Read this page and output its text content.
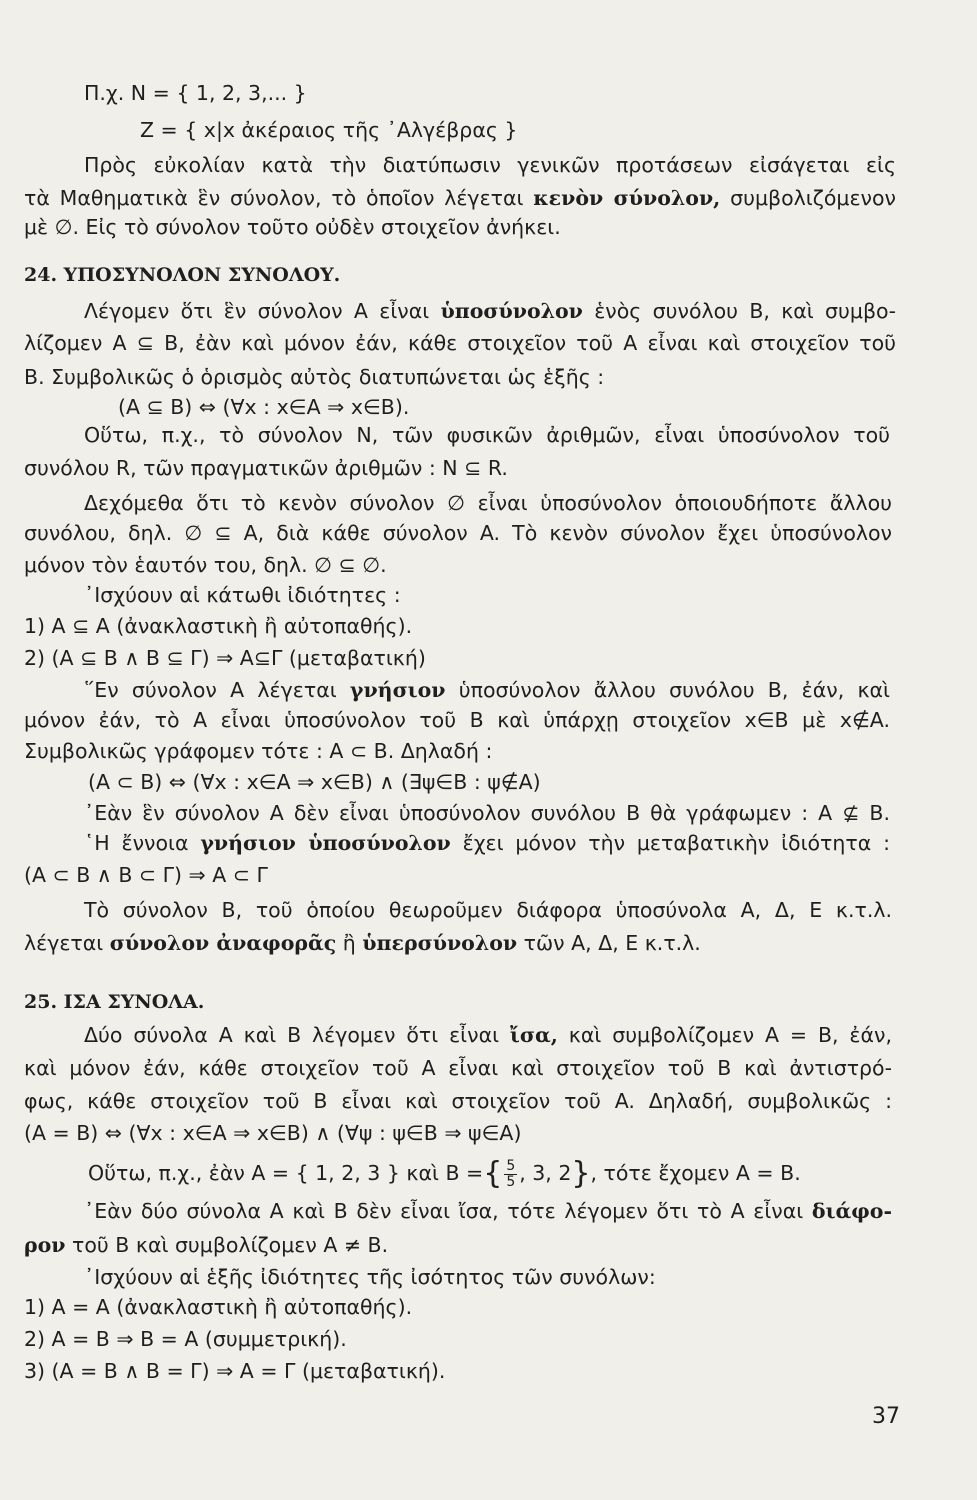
Π.χ. N = { 1, 2, 3,... }
Z = { x|x ἀκέραιος τῆς ᾿Αλγέβρας }
Πρὸς εὐκολίαν κατὰ τὴν διατύπωσιν γενικῶν προτάσεων εἰσάγεται εἰς
τὰ Μαθηματικὰ ἓν σύνολον, τὸ ὁποῖον λέγεται κενὸν σύνολον, συμβολιζόμενον
μὲ ∅. Εἰς τὸ σύνολον τοῦτο οὐδὲν στοιχεῖον ἀνήκει.
24. ΥΠΟΣΥΝΟΛΟΝ ΣΥΝΟΛΟΥ.
Λέγομεν ὅτι ἓν σύνολον A εἶναι ὑποσύνολον ἑνὸς συνόλου B, καὶ συμβο-
λίζομεν A ⊆ B, ἐὰν καὶ μόνον ἐάν, κάθε στοιχεῖον τοῦ A εἶναι καὶ στοιχεῖον τοῦ
B. Συμβολικῶς ὁ ὁρισμὸς αὐτὸς διατυπώνεται ὡς ἑξῆς :
(A ⊆ B) ⇔ (∀x : x∈A ⇒ x∈B).
Οὕτω, π.χ., τὸ σύνολον N, τῶν φυσικῶν ἀριθμῶν, εἶναι ὑποσύνολον τοῦ
συνόλου R, τῶν πραγματικῶν ἀριθμῶν : N ⊆ R.
Δεχόμεθα ὅτι τὸ κενὸν σύνολον ∅ εἶναι ὑποσύνολον ὁποιουδήποτε ἄλλου
συνόλου, δηλ. ∅ ⊆ A, διὰ κάθε σύνολον A. Τὸ κενὸν σύνολον ἔχει ὑποσύνολον
μόνον τὸν ἑαυτόν του, δηλ. ∅ ⊆ ∅.
᾿Ισχύουν αἱ κάτωθι ἰδιότητες :
1) A ⊆ A (ἀνακλαστικὴ ἢ αὐτοπαθής).
2) (A ⊆ B ∧ B ⊆ Γ) ⇒ A⊆Γ (μεταβατική)
῞Εν σύνολον A λέγεται γνήσιον ὑποσύνολον ἄλλου συνόλου B, ἐάν, καὶ
μόνον ἐάν, τὸ A εἶναι ὑποσύνολον τοῦ B καὶ ὑπάρχῃ στοιχεῖον x∈B μὲ x∉A.
Συμβολικῶς γράφομεν τότε : A ⊂ B. Δηλαδή :
(A ⊂ B) ⇔ (∀x : x∈A ⇒ x∈B) ∧ (∃ψ∈B : ψ∉A)
᾿Εὰν ἓν σύνολον A δὲν εἶναι ὑποσύνολον συνόλου B θὰ γράφωμεν : A ⊈ B.
῾Η ἔννοια γνήσιον ὑποσύνολον ἔχει μόνον τὴν μεταβατικὴν ἰδιότητα :
(A ⊂ B ∧ B ⊂ Γ) ⇒ A ⊂ Γ
Τὸ σύνολον B, τοῦ ὁποίου θεωροῦμεν διάφορα ὑποσύνολα A, Δ, E κ.τ.λ.
λέγεται σύνολον ἀναφορᾶς ἢ ὑπερσύνολον τῶν A, Δ, E κ.τ.λ.
25. ΙΣΑ ΣΥΝΟΛΑ.
Δύο σύνολα A καὶ B λέγομεν ὅτι εἶναι ἴσα, καὶ συμβολίζομεν A = B, ἐάν,
καὶ μόνον ἐάν, κάθε στοιχεῖον τοῦ A εἶναι καὶ στοιχεῖον τοῦ B καὶ ἀντιστρό-
φως, κάθε στοιχεῖον τοῦ B εἶναι καὶ στοιχεῖον τοῦ A. Δηλαδή, συμβολικῶς :
(A = B) ⇔ (∀x : x∈A ⇒ x∈B) ∧ (∀ψ : ψ∈B ⇒ ψ∈A)
Οὕτω, π.χ., ἐὰν A = { 1, 2, 3 } καὶ B ={ $\frac{5}{5}$ , 3, 2}, τότε ἔχομεν A = B.
᾿Εὰν δύο σύνολα A καὶ B δὲν εἶναι ἴσα, τότε λέγομεν ὅτι τὸ A εἶναι διάφο-
ρον τοῦ B καὶ συμβολίζομεν A ≠ B.
᾿Ισχύουν αἱ ἑξῆς ἰδιότητες τῆς ἰσότητος τῶν συνόλων:
1) A = A (ἀνακλαστικὴ ἢ αὐτοπαθής).
2) A = B ⇒ B = A (συμμετρική).
3) (A = B ∧ B = Γ) ⇒ A = Γ (μεταβατική).
37
